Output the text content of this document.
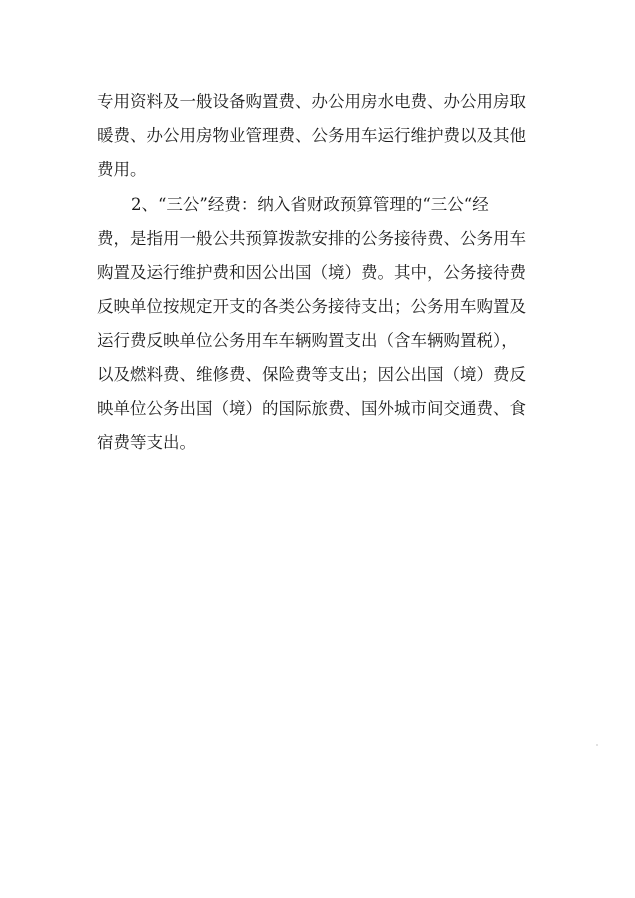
专用资料及一般设备购置费、办公用房水电费、办公用房取
暖费、办公用房物业管理费、公务用车运行维护费以及其他
费用。
2、“三公”经费：纳入省财政预算管理的“三公“经
费，是指用一般公共预算拨款安排的公务接待费、公务用车
购置及运行维护费和因公出国（境）费。其中，公务接待费
反映单位按规定开支的各类公务接待支出；公务用车购置及
运行费反映单位公务用车车辆购置支出（含车辆购置税），
以及燃料费、维修费、保险费等支出；因公出国（境）费反
映单位公务出国（境）的国际旅费、国外城市间交通费、食
宿费等支出。
